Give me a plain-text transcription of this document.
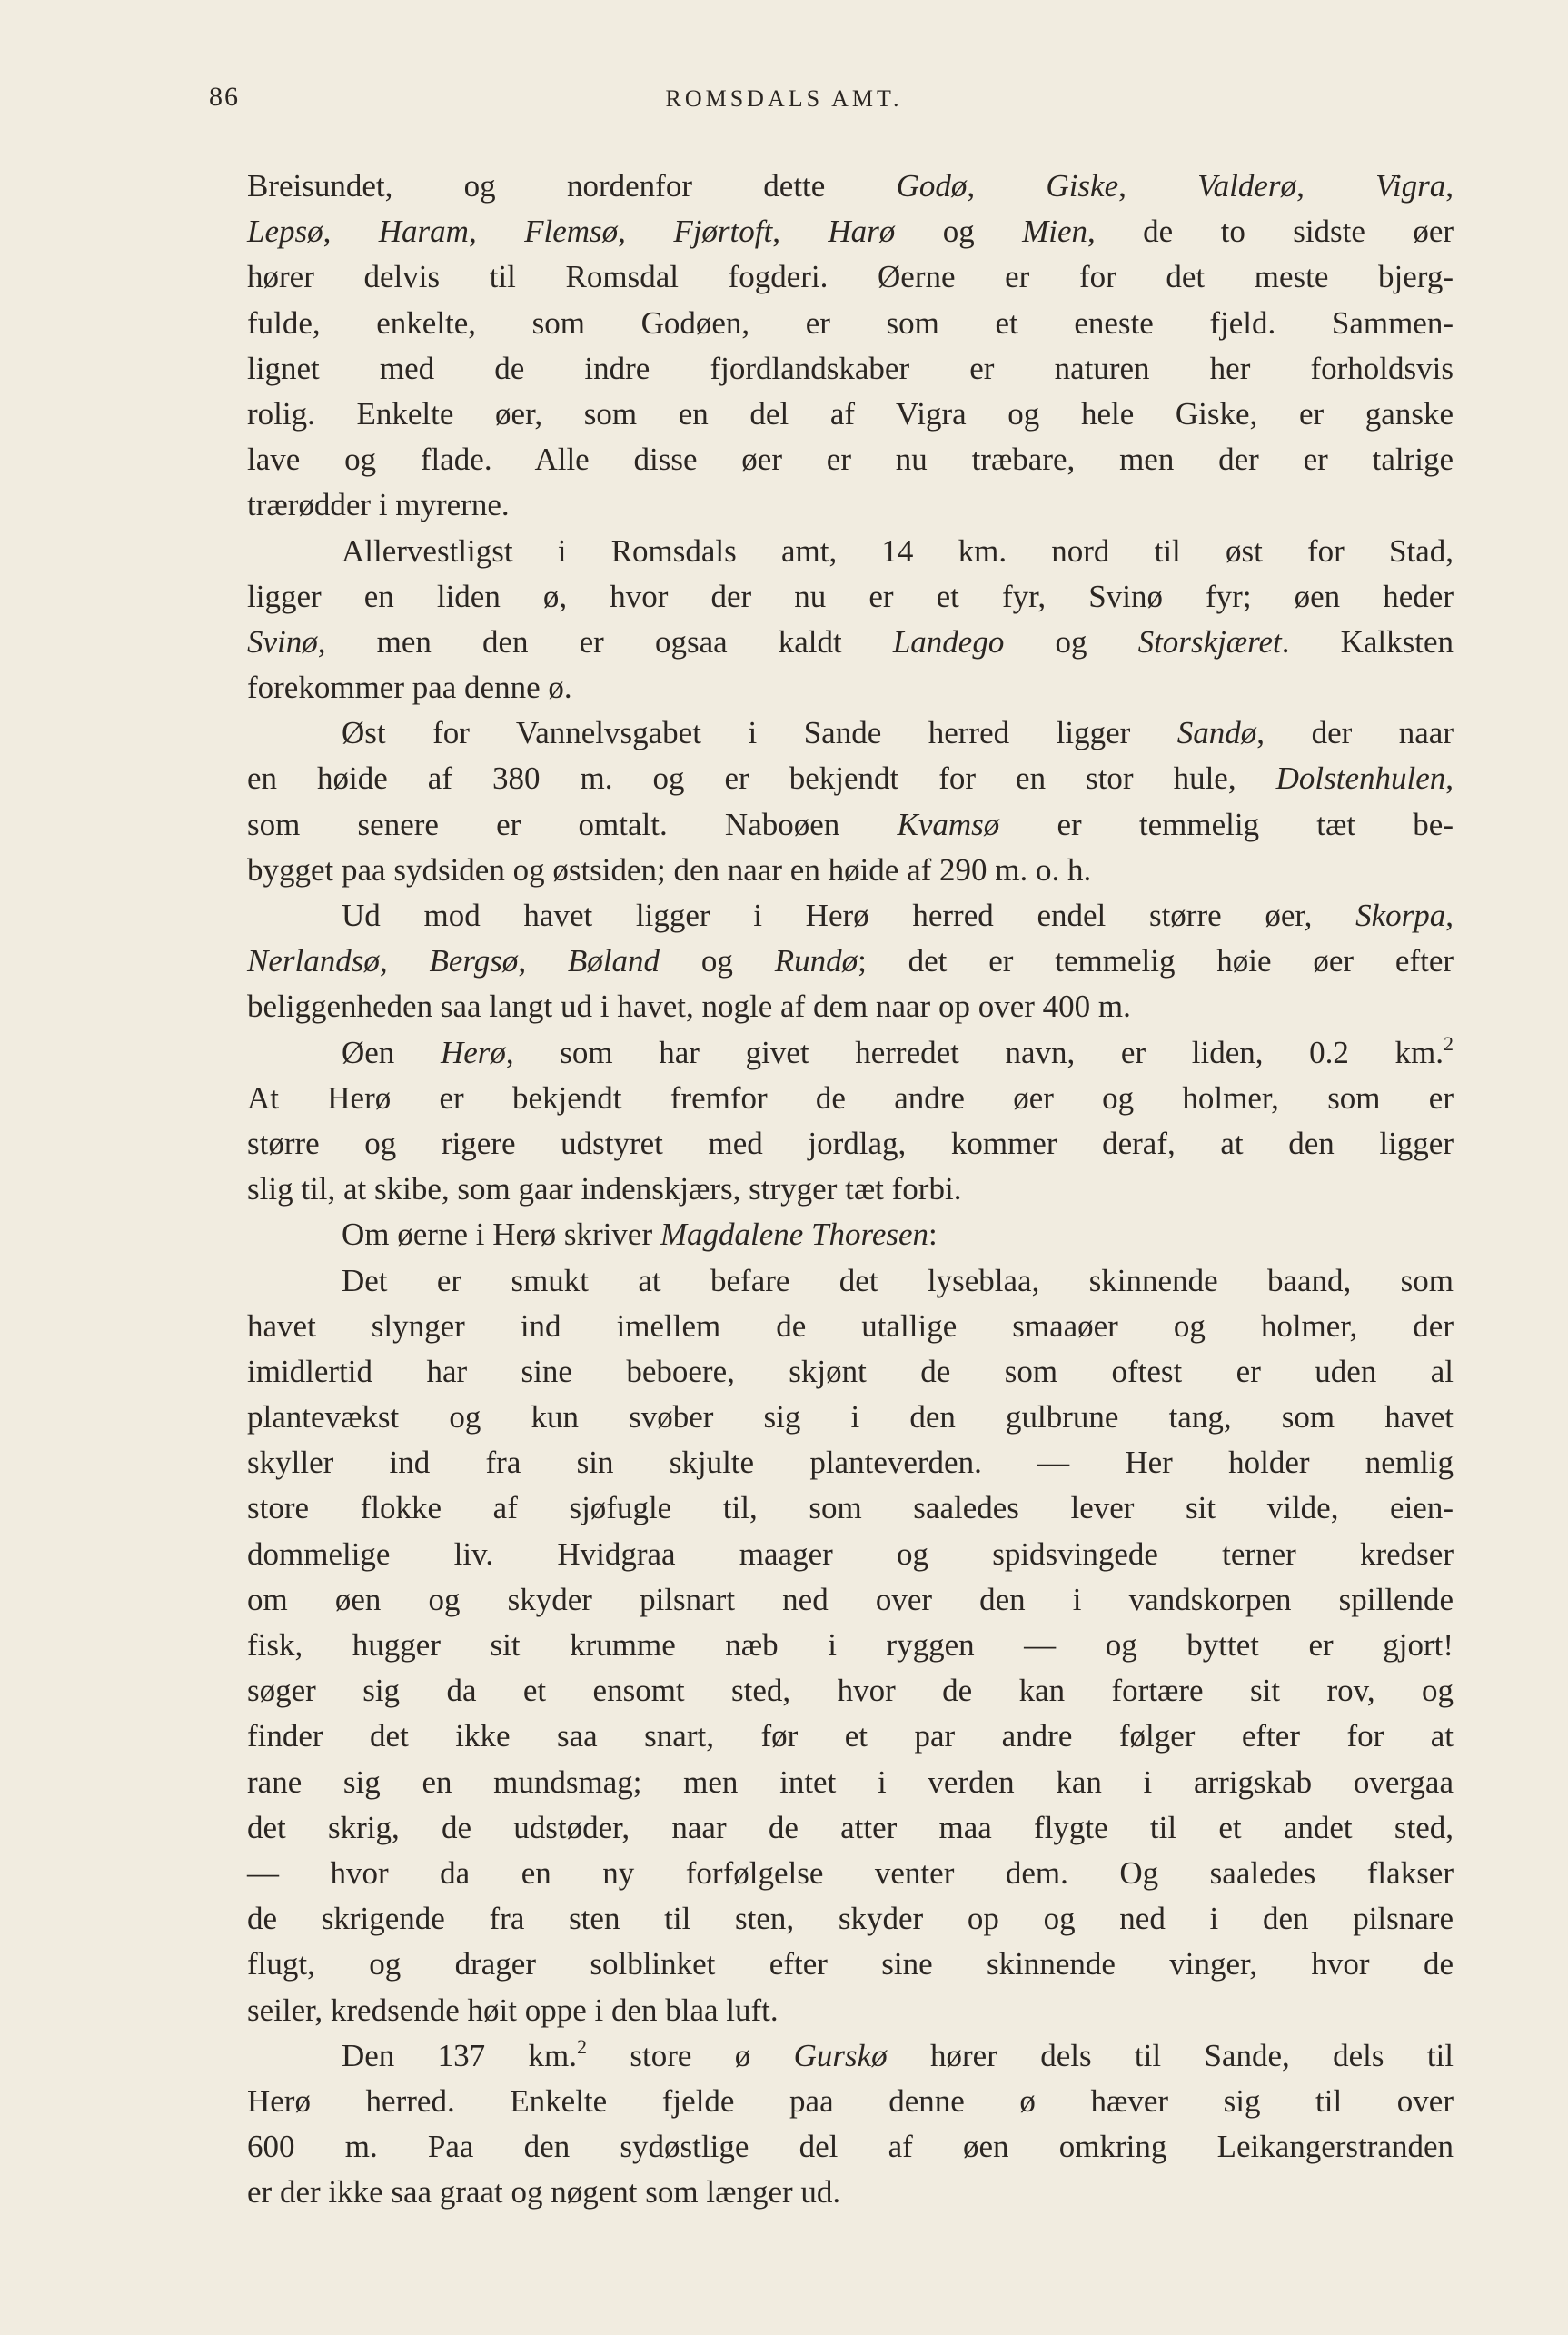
86	ROMSDALS AMT.
Breisundet, og nordenfor dette Godø, Giske, Valderø, Vigra,
Lepsø, Haram, Flemsø, Fjørtoft, Harø og Mien, de to sidste øer
hører delvis til Romsdal fogderi. Øerne er for det meste bjerg-
fulde, enkelte, som Godøen, er som et eneste fjeld. Sammen-
lignet med de indre fjordlandskaber er naturen her forholdsvis
rolig. Enkelte øer, som en del af Vigra og hele Giske, er ganske
lave og flade. Alle disse øer er nu træbare, men der er talrige
trærødder i myrerne.
Allervestligst i Romsdals amt, 14 km. nord til øst for Stad,
ligger en liden ø, hvor der nu er et fyr, Svinø fyr; øen heder
Svinø, men den er ogsaa kaldt Landego og Storskjæret. Kalksten
forekommer paa denne ø.
Øst for Vannelvsgabet i Sande herred ligger Sandø, der naar
en høide af 380 m. og er bekjendt for en stor hule, Dolstenhulen,
som senere er omtalt. Naboøen Kvamsø er temmelig tæt be-
bygget paa sydsiden og østsiden; den naar en høide af 290 m. o. h.
Ud mod havet ligger i Herø herred endel større øer, Skorpa,
Nerlandsø, Bergsø, Bøland og Rundø; det er temmelig høie øer efter
beliggenheden saa langt ud i havet, nogle af dem naar op over 400 m.
Øen Herø, som har givet herredet navn, er liden, 0.2 km.$^2$
At Herø er bekjendt fremfor de andre øer og holmer, som er
større og rigere udstyret med jordlag, kommer deraf, at den ligger
slig til, at skibe, som gaar indenskjærs, stryger tæt forbi.
Om øerne i Herø skriver Magdalene Thoresen:
Det er smukt at befare det lyseblaa, skinnende baand, som
havet slynger ind imellem de utallige smaaøer og holmer, der
imidlertid har sine beboere, skjønt de som oftest er uden al
plantevækst og kun svøber sig i den gulbrune tang, som havet
skyller ind fra sin skjulte planteverden. — Her holder nemlig
store flokke af sjøfugle til, som saaledes lever sit vilde, eien-
dommelige liv. Hvidgraa maager og spidsvingede terner kredser
om øen og skyder pilsnart ned over den i vandskorpen spillende
fisk, hugger sit krumme næb i ryggen — og byttet er gjort!
søger sig da et ensomt sted, hvor de kan fortære sit rov, og
finder det ikke saa snart, før et par andre følger efter for at
rane sig en mundsmag; men intet i verden kan i arrigskab overgaa
det skrig, de udstøder, naar de atter maa flygte til et andet sted,
— hvor da en ny forfølgelse venter dem. Og saaledes flakser
de skrigende fra sten til sten, skyder op og ned i den pilsnare
flugt, og drager solblinket efter sine skinnende vinger, hvor de
seiler, kredsende høit oppe i den blaa luft.
Den 137 km.$^2$ store ø Gurskø hører dels til Sande, dels til
Herø herred. Enkelte fjelde paa denne ø hæver sig til over
600 m. Paa den sydøstlige del af øen omkring Leikangerstranden
er der ikke saa graat og nøgent som længer ud.
